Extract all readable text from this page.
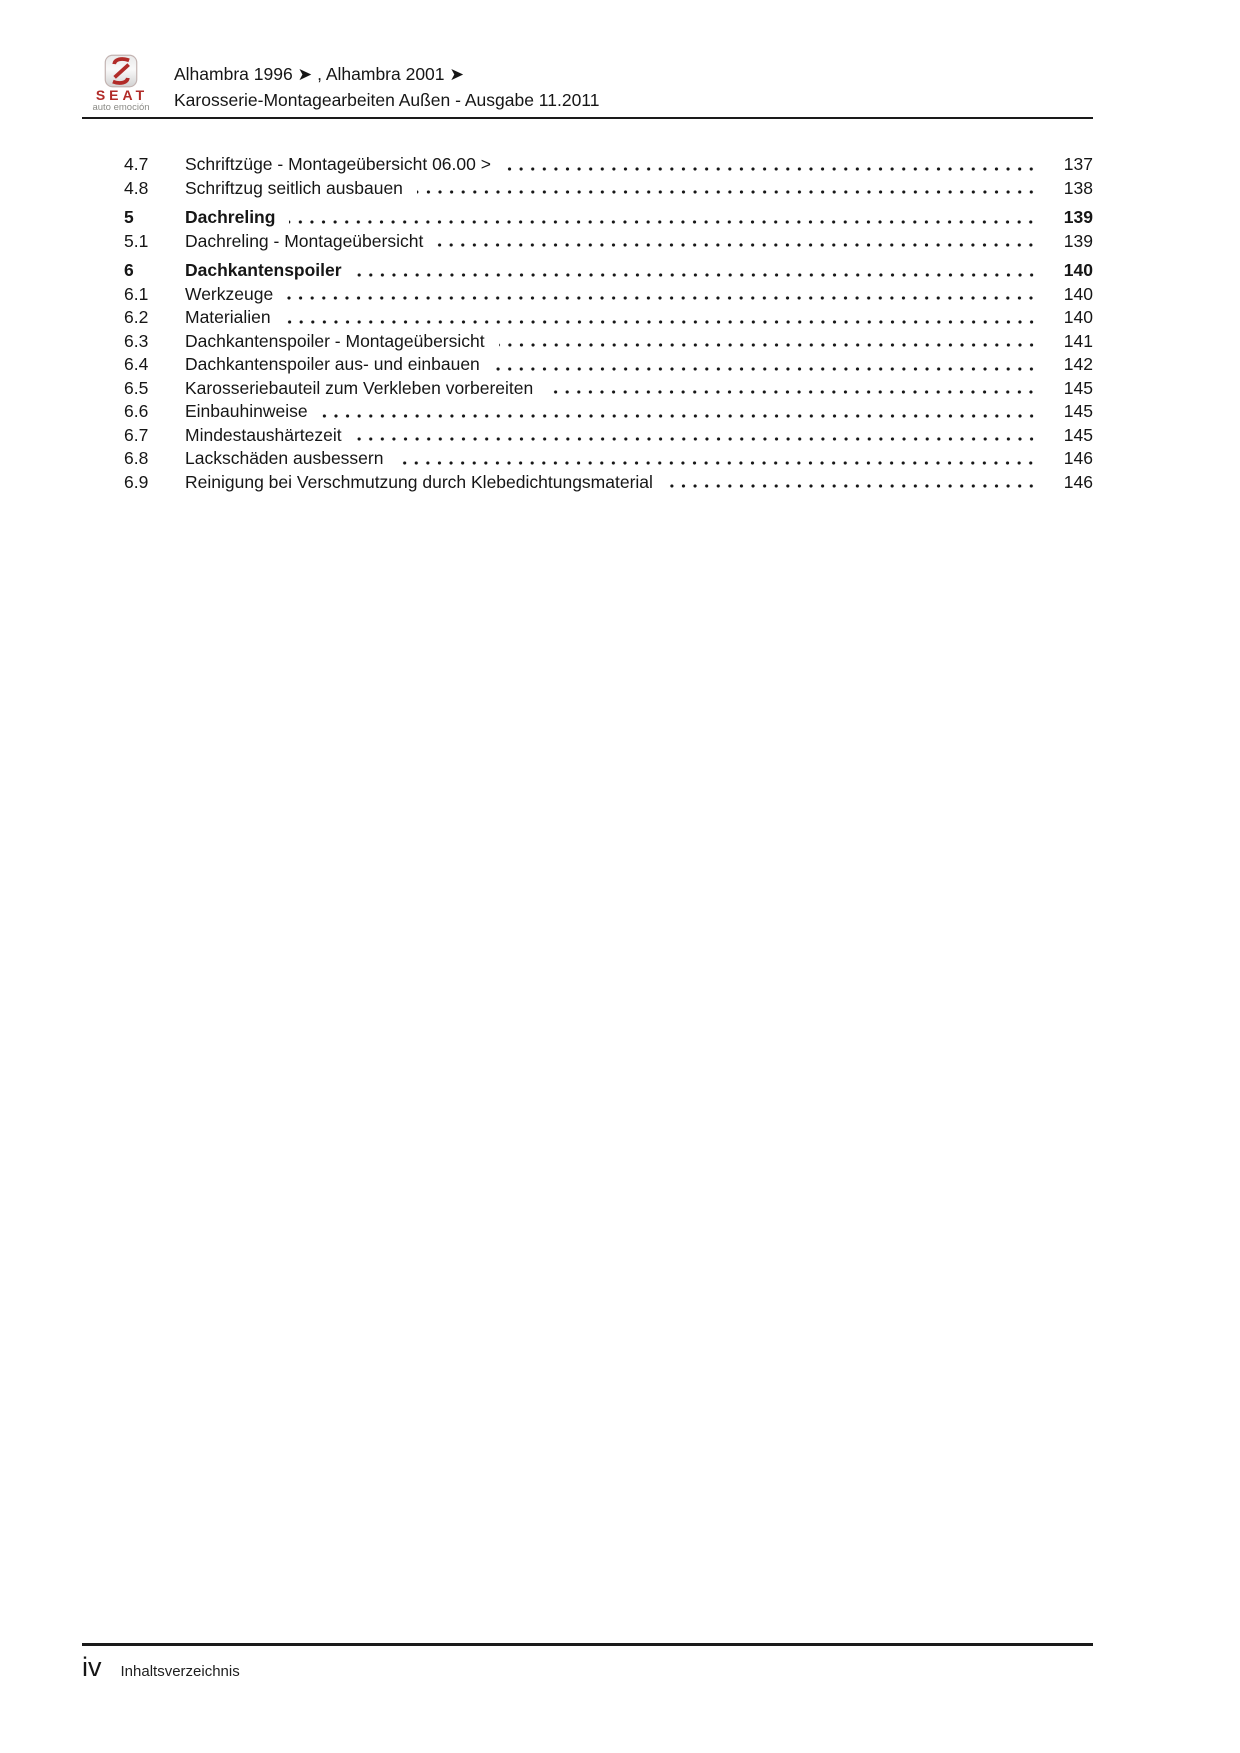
SEAT
auto emoción
Alhambra 1996 ➤ , Alhambra 2001 ➤
Karosserie-Montagearbeiten Außen - Ausgabe 11.2011
4.7	Schriftzüge - Montageübersicht 06.00 >	137
4.8	Schriftzug seitlich ausbauen	138
5	Dachreling	139
5.1	Dachreling - Montageübersicht	139
6	Dachkantenspoiler	140
6.1	Werkzeuge	140
6.2	Materialien	140
6.3	Dachkantenspoiler - Montageübersicht	141
6.4	Dachkantenspoiler aus- und einbauen	142
6.5	Karosseriebauteil zum Verkleben vorbereiten	145
6.6	Einbauhinweise	145
6.7	Mindestaushärtezeit	145
6.8	Lackschäden ausbessern	146
6.9	Reinigung bei Verschmutzung durch Klebedichtungsmaterial	146
iv Inhaltsverzeichnis
